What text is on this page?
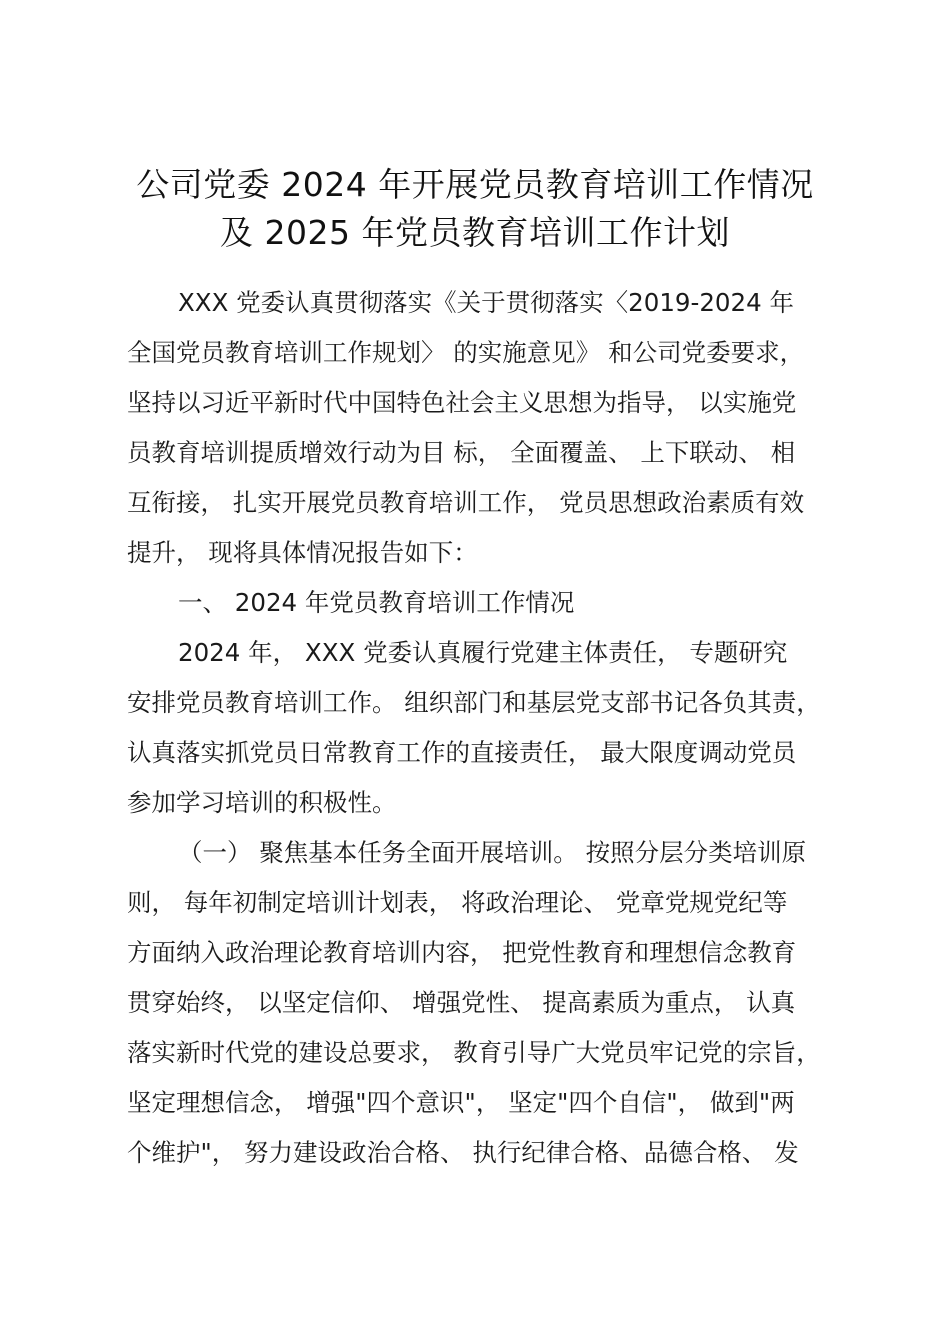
公司党委 2024 年开展党员教育培训工作情况
及 2025 年党员教育培训工作计划
XXX 党委认真贯彻落实《关于贯彻落实〈2019-2024 年
全国党员教育培训工作规划〉 的实施意见》 和公司党委要求，
坚持以习近平新时代中国特色社会主义思想为指导， 以实施党
员教育培训提质增效行动为目 标， 全面覆盖、 上下联动、 相
互衔接， 扎实开展党员教育培训工作， 党员思想政治素质有效
提升， 现将具体情况报告如下：
一、 2024 年党员教育培训工作情况
2024 年， XXX 党委认真履行党建主体责任， 专题研究
安排党员教育培训工作。 组织部门和基层党支部书记各负其责，
认真落实抓党员日常教育工作的直接责任， 最大限度调动党员
参加学习培训的积极性。
（一） 聚焦基本任务全面开展培训。 按照分层分类培训原
则， 每年初制定培训计划表， 将政治理论、 党章党规党纪等
方面纳入政治理论教育培训内容， 把党性教育和理想信念教育
贯穿始终， 以坚定信仰、 增强党性、 提高素质为重点， 认真
落实新时代党的建设总要求， 教育引导广大党员牢记党的宗旨，
坚定理想信念， 增强"四个意识"， 坚定"四个自信"， 做到"两
个维护"， 努力建设政治合格、 执行纪律合格、品德合格、 发
